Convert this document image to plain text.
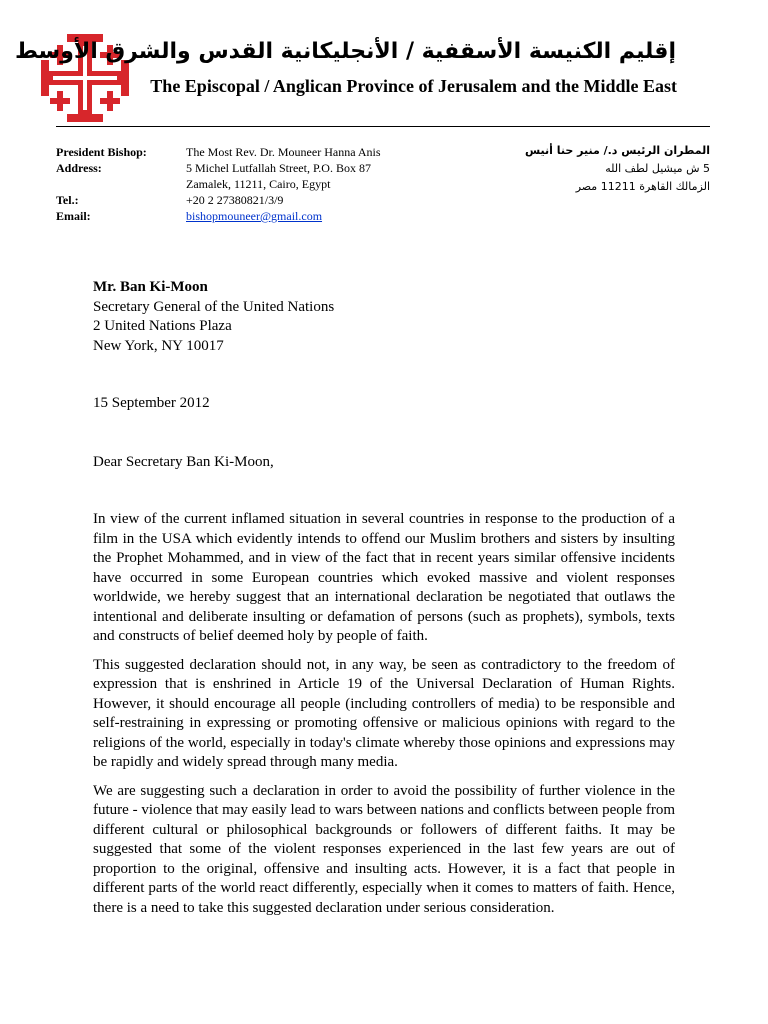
إقليم الكنيسة الأسقفية / الأنجليكانية القدس والشرق الأوسط
The Episcopal / Anglican Province of Jerusalem and the Middle East
President Bishop:
Address:
Tel.:
Email:
The Most Rev. Dr. Mouneer Hanna Anis
5 Michel Lutfallah Street, P.O. Box 87
Zamalek, 11211, Cairo, Egypt
+20 2 27380821/3/9
bishopmouneer@gmail.com
المطران الرئيس د./ منير حنا أنيس
5 ش ميشيل لطف الله
الزمالك القاهرة 11211 مصر
Mr. Ban Ki-Moon
Secretary General of the United Nations
2 United Nations Plaza
New York, NY 10017
15 September 2012
Dear Secretary Ban Ki-Moon,

In view of the current inflamed situation in several countries in response to the production of a film in the USA which evidently intends to offend our Muslim brothers and sisters by insulting the Prophet Mohammed, and in view of the fact that in recent years similar offensive incidents have occurred in some European countries which evoked massive and violent responses worldwide, we hereby suggest that an international declaration be negotiated that outlaws the intentional and deliberate insulting or defamation of persons (such as prophets), symbols, texts and constructs of belief deemed holy by people of faith.

This suggested declaration should not, in any way, be seen as contradictory to the freedom of expression that is enshrined in Article 19 of the Universal Declaration of Human Rights. However, it should encourage all people (including controllers of media) to be responsible and self-restraining in expressing or promoting offensive or malicious opinions with regard to the religions of the world, especially in today's climate whereby those opinions and expressions may be rapidly and widely spread through many media.

We are suggesting such a declaration in order to avoid the possibility of further violence in the future - violence that may easily lead to wars between nations and conflicts between people from different cultural or philosophical backgrounds or followers of different faiths. It may be suggested that some of the violent responses experienced in the last few years are out of proportion to the original, offensive and insulting acts. However, it is a fact that people in different parts of the world react differently, especially when it comes to matters of faith. Hence, there is a need to take this suggested declaration under serious consideration.
